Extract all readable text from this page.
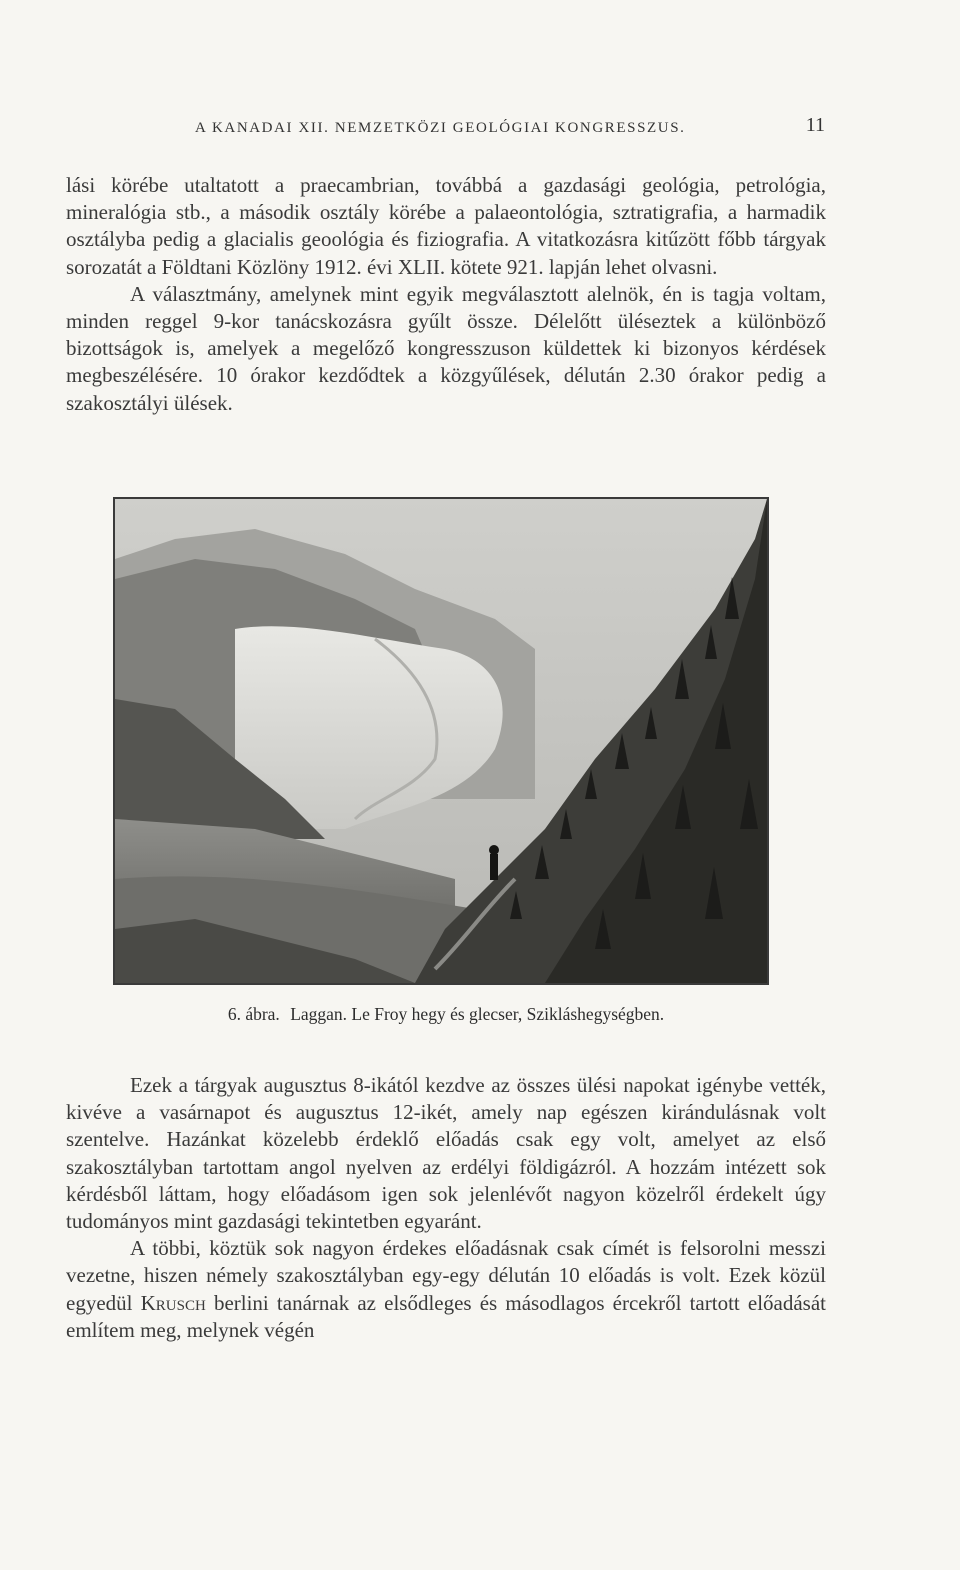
A KANADAI XII. NEMZETKÖZI GEOLÓGIAI KONGRESSZUS.	11

lási körébe utaltatott a praecambrian, továbbá a gazdasági geológia, petrológia, mineralógia stb., a második osztály körébe a palaeontológia, sztratigrafia, a harmadik osztályba pedig a glacialis geoológia és fiziografia. A vitatkozásra kitűzött főbb tárgyak sorozatát a Földtani Közlöny 1912. évi XLII. kötete 921. lapján lehet olvasni.

A választmány, amelynek mint egyik megválasztott alelnök, én is tagja voltam, minden reggel 9-kor tanácskozásra gyűlt össze. Délelőtt üléseztek a különböző bizottságok is, amelyek a megelőző kongresszuson küldettek ki bizonyos kérdések megbeszélésére. 10 órakor kezdődtek a közgyűlések, délután 2.30 órakor pedig a szakosztályi ülések.

6. ábra. Laggan. Le Froy hegy és glecser, Szikláshegységben.

Ezek a tárgyak augusztus 8-ikától kezdve az összes ülési napokat igénybe vették, kivéve a vasárnapot és augusztus 12-ikét, amely nap egészen kirándulásnak volt szentelve. Hazánkat közelebb érdeklő előadás csak egy volt, amelyet az első szakosztályban tartottam angol nyelven az erdélyi földigázról. A hozzám intézett sok kérdésből láttam, hogy előadásom igen sok jelenlévőt nagyon közelről érdekelt úgy tudományos mint gazdasági tekintetben egyaránt.

A többi, köztük sok nagyon érdekes előadásnak csak címét is felsorolni messzi vezetne, hiszen némely szakosztályban egy-egy délután 10 előadás is volt. Ezek közül egyedül Krusch berlini tanárnak az elsődleges és másodlagos ércekről tartott előadását említem meg, melynek végén
